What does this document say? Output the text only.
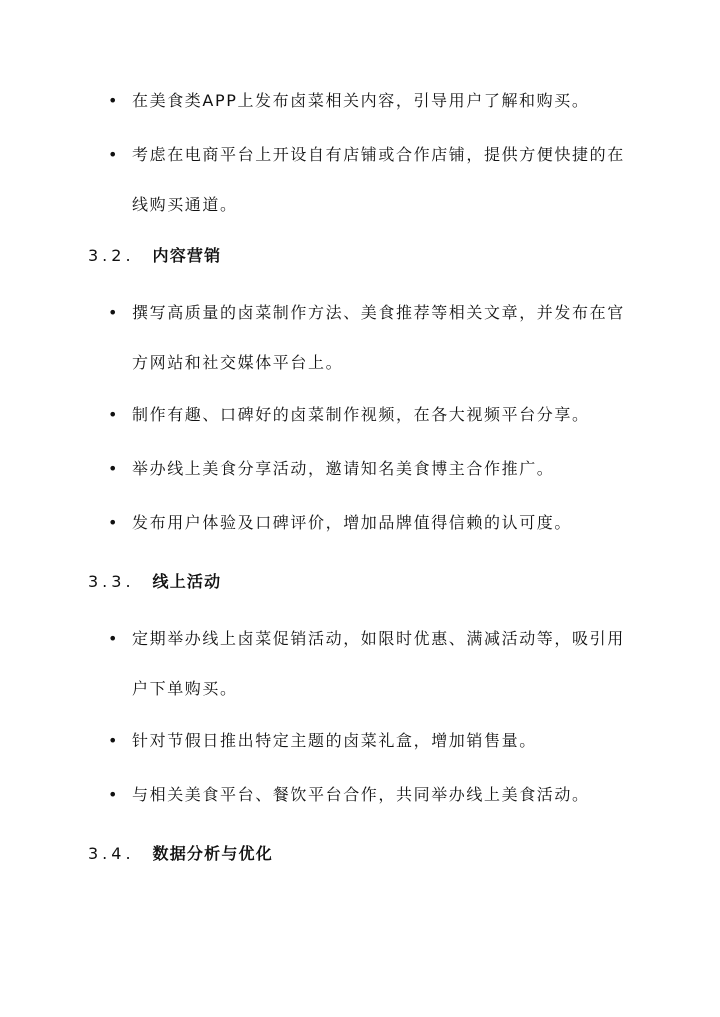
• 在美食类APP上发布卤菜相关内容，引导用户了解和购买。
• 考虑在电商平台上开设自有店铺或合作店铺，提供方便快捷的在线购买通道。
3.2. 内容营销
• 撰写高质量的卤菜制作方法、美食推荐等相关文章，并发布在官方网站和社交媒体平台上。
• 制作有趣、口碑好的卤菜制作视频，在各大视频平台分享。
• 举办线上美食分享活动，邀请知名美食博主合作推广。
• 发布用户体验及口碑评价，增加品牌值得信赖的认可度。
3.3. 线上活动
• 定期举办线上卤菜促销活动，如限时优惠、满减活动等，吸引用户下单购买。
• 针对节假日推出特定主题的卤菜礼盒，增加销售量。
• 与相关美食平台、餐饮平台合作，共同举办线上美食活动。
3.4. 数据分析与优化
